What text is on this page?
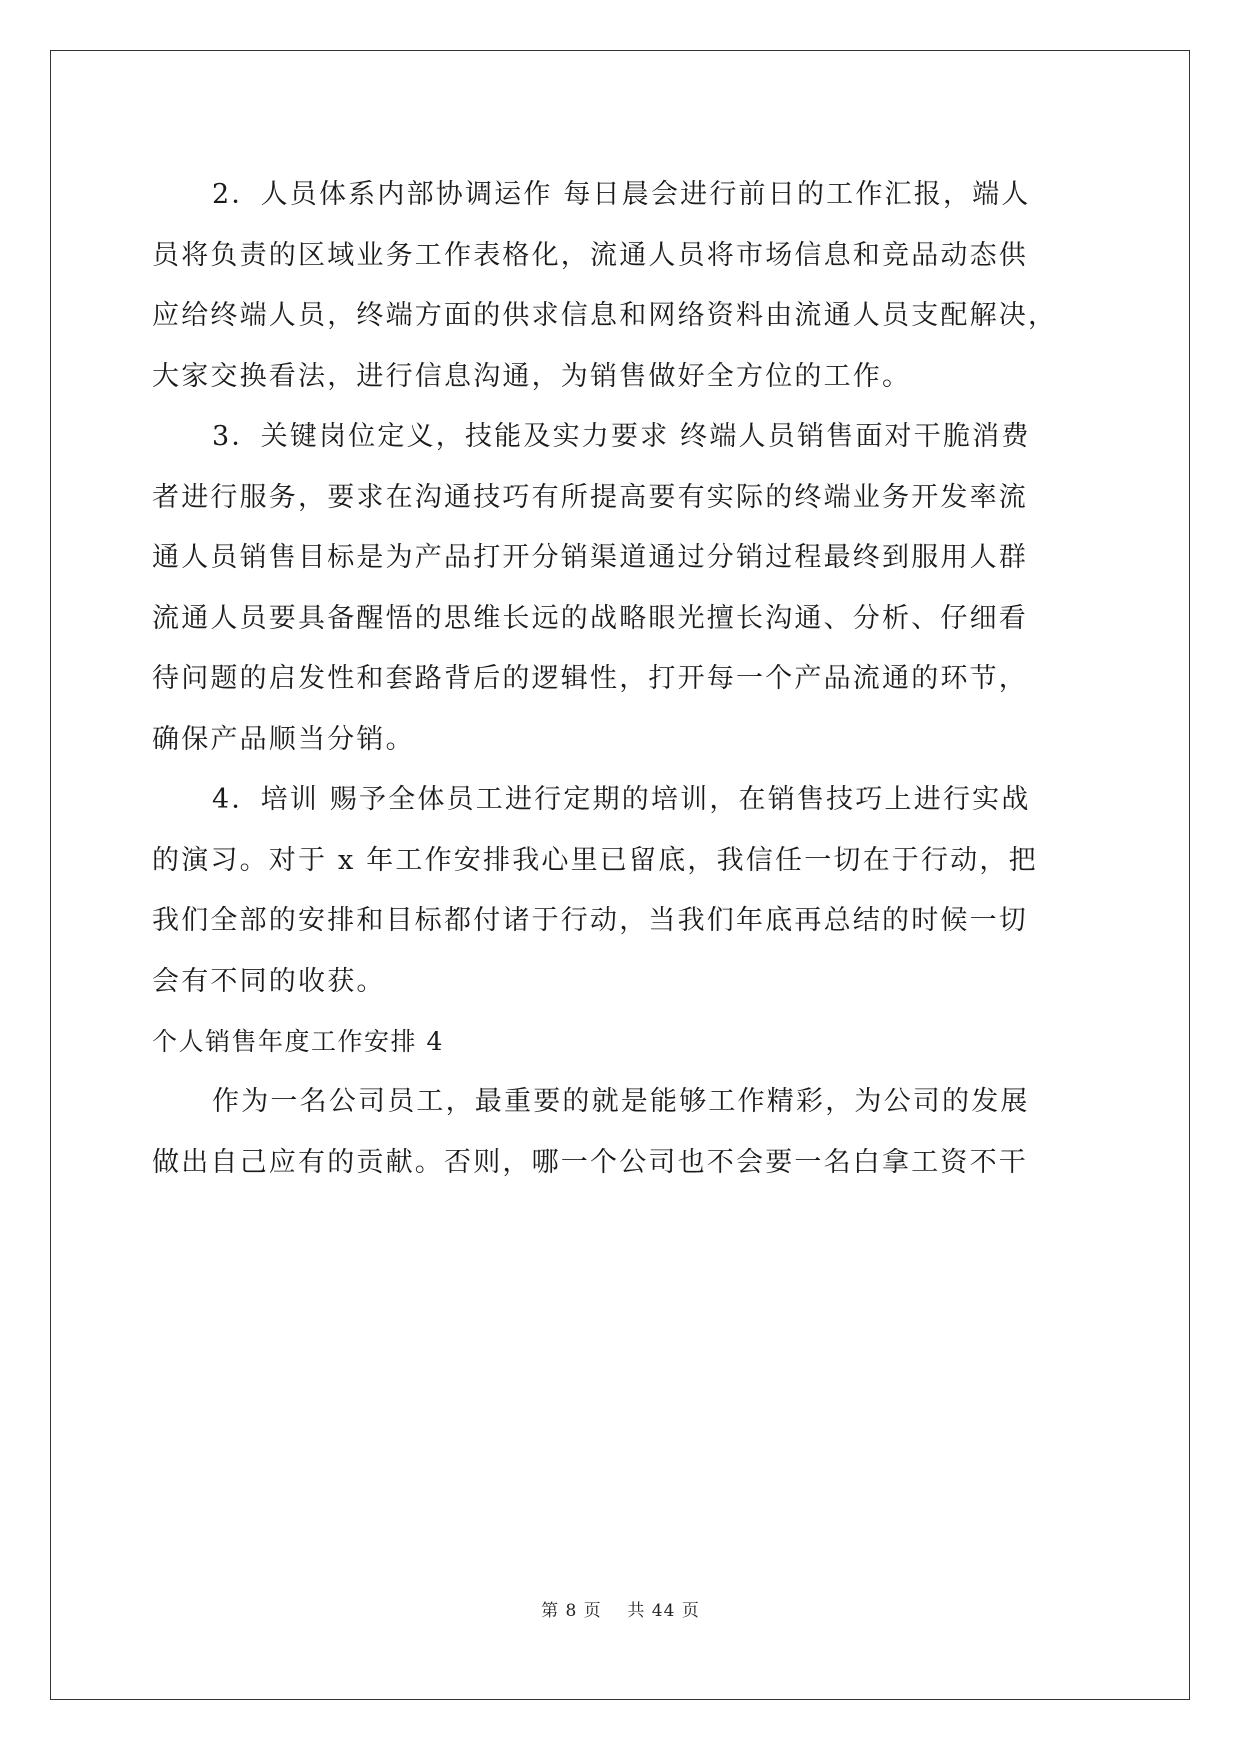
2．人员体系内部协调运作 每日晨会进行前日的工作汇报，端人
员将负责的区域业务工作表格化，流通人员将市场信息和竞品动态供
应给终端人员，终端方面的供求信息和网络资料由流通人员支配解决，
大家交换看法，进行信息沟通，为销售做好全方位的工作。
3．关键岗位定义，技能及实力要求 终端人员销售面对干脆消费
者进行服务，要求在沟通技巧有所提高要有实际的终端业务开发率流
通人员销售目标是为产品打开分销渠道通过分销过程最终到服用人群
流通人员要具备醒悟的思维长远的战略眼光擅长沟通、分析、仔细看
待问题的启发性和套路背后的逻辑性，打开每一个产品流通的环节，
确保产品顺当分销。
4．培训 赐予全体员工进行定期的培训，在销售技巧上进行实战
的演习。对于 x 年工作安排我心里已留底，我信任一切在于行动，把
我们全部的安排和目标都付诸于行动，当我们年底再总结的时候一切
会有不同的收获。
个人销售年度工作安排 4
作为一名公司员工，最重要的就是能够工作精彩，为公司的发展
做出自己应有的贡献。否则，哪一个公司也不会要一名白拿工资不干
第 8 页    共 44 页
